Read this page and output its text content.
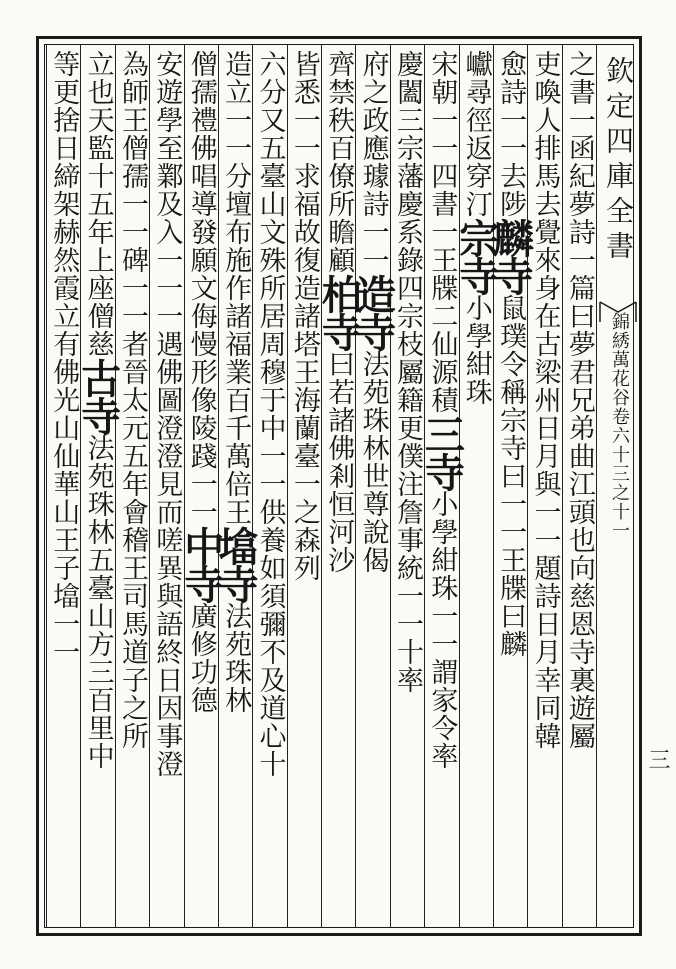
欽定四庫全書
錦綉萬花谷卷六十三之十一
三
之書一函紀夢詩一篇曰夢君兄弟曲江頭也向慈恩寺裏遊屬
吏喚人排馬去覺來身在古梁州日月與一一題詩日月幸同韓
愈詩一一去陟麟寺鼠璞令稱宗寺曰一一王牒曰麟
巘尋徑返穿汀宗寺小學紺珠
宋朝一一四書一王牒二仙源積三寺小學紺珠一一謂家令率
慶闔三宗藩慶系錄四宗枝屬籍更僕注詹事統一一十率
府之政應璩詩一一造寺法苑珠林世尊說偈
齊禁秩百僚所瞻顧柏寺曰若諸佛剎恒河沙
皆悉一一求福故復造諸塔王海蘭臺一之森列
六分又五臺山文殊所居周穆于中一一供養如須彌不及道心十
造立一一分壇布施作諸福業百千萬倍王墖寺法苑珠林
僧孺禮佛唱導發願文侮慢形像陵踐一一中寺廣修功德
安遊學至鄴及入一一一遇佛圖澄澄見而嗟異與語終日因事澄
為師王僧孺一一碑一一者晉太元五年會稽王司馬道子之所
立也天監十五年上座僧慈古寺法苑珠林五臺山方三百里中
等更捨日締架赫然霞立有佛光山仙華山王子墖一一
